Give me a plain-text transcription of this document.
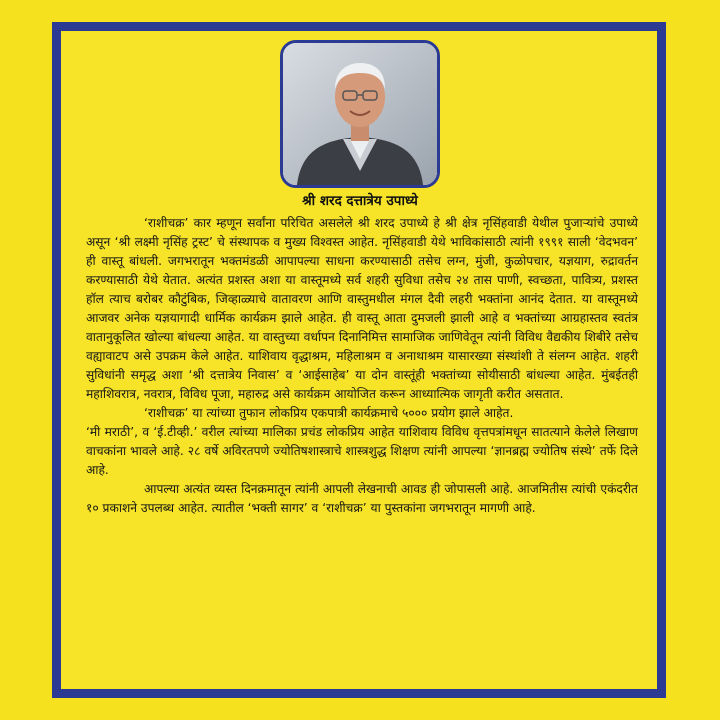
श्री शरद दत्तात्रेय उपाध्ये

‘राशीचक्र’ कार म्हणून सर्वांना परिचित असलेले श्री शरद उपाध्ये हे श्री क्षेत्र नृसिंहवाडी येथील पुजाऱ्यांचे उपाध्ये असून ‘श्री लक्ष्मी नृसिंह ट्रस्ट’ चे संस्थापक व मुख्य विश्वस्त आहेत. नृसिंहवाडी येथे भाविकांसाठी त्यांनी १९९१ साली ‘वेदभवन’ ही वास्तू बांधली. जगभरातून भक्तमंडळी आपापल्या साधना करण्यासाठी तसेच लग्न, मुंजी, कुळोपचार, यज्ञयाग, रुद्रावर्तन करण्यासाठी येथे येतात. अत्यंत प्रशस्त अशा या वास्तूमध्ये सर्व शहरी सुविधा तसेच २४ तास पाणी, स्वच्छता, पावित्र्य, प्रशस्त हॉल त्याच बरोबर कौटुंबिक, जिव्हाळ्याचे वातावरण आणि वास्तुमधील मंगल दैवी लहरी भक्तांना आनंद देतात. या वास्तूमध्ये आजवर अनेक यज्ञयागादी धार्मिक कार्यक्रम झाले आहेत. ही वास्तू आता दुमजली झाली आहे व भक्तांच्या आग्रहास्तव स्वतंत्र वातानुकूलित खोल्या बांधल्या आहेत. या वास्तुच्या वर्धापन दिनानिमित्त सामाजिक जाणिवेतून त्यांनी विविध वैद्यकीय शिबीरे तसेच वह्यावाटप असे उपक्रम केले आहेत. याशिवाय वृद्धाश्रम, महिलाश्रम व अनाथाश्रम यासारख्या संस्थांशी ते संलग्न आहेत. शहरी सुविधांनी समृद्ध अशा ‘श्री दत्तात्रेय निवास’ व ‘आईसाहेब’ या दोन वास्तूंही भक्तांच्या सोयीसाठी बांधल्या आहेत. मुंबईतही महाशिवरात्र, नवरात्र, विविध पूजा, महारुद्र असे कार्यक्रम आयोजित करून आध्यात्मिक जागृती करीत असतात.

‘राशीचक्र’ या त्यांच्या तुफान लोकप्रिय एकपात्री कार्यक्रमाचे ५००० प्रयोग झाले आहेत.

‘मी मराठी’, व ‘ई.टीव्ही.’ वरील त्यांच्या मालिका प्रचंड लोकप्रिय आहेत याशिवाय विविध वृत्तपत्रांमधून सातत्याने केलेले लिखाण वाचकांना भावले आहे. २८ वर्षे अविरतपणे ज्योतिषशास्त्राचे शास्त्रशुद्ध शिक्षण त्यांनी आपल्या ‘ज्ञानब्रह्म ज्योतिष संस्थे’ तर्फे दिले आहे.

आपल्या अत्यंत व्यस्त दिनक्रमातून त्यांनी आपली लेखनाची आवड ही जोपासली आहे. आजमितीस त्यांची एकंदरीत १० प्रकाशने उपलब्ध आहेत. त्यातील ‘भक्ती सागर’ व ‘राशीचक्र’ या पुस्तकांना जगभरातून मागणी आहे.
